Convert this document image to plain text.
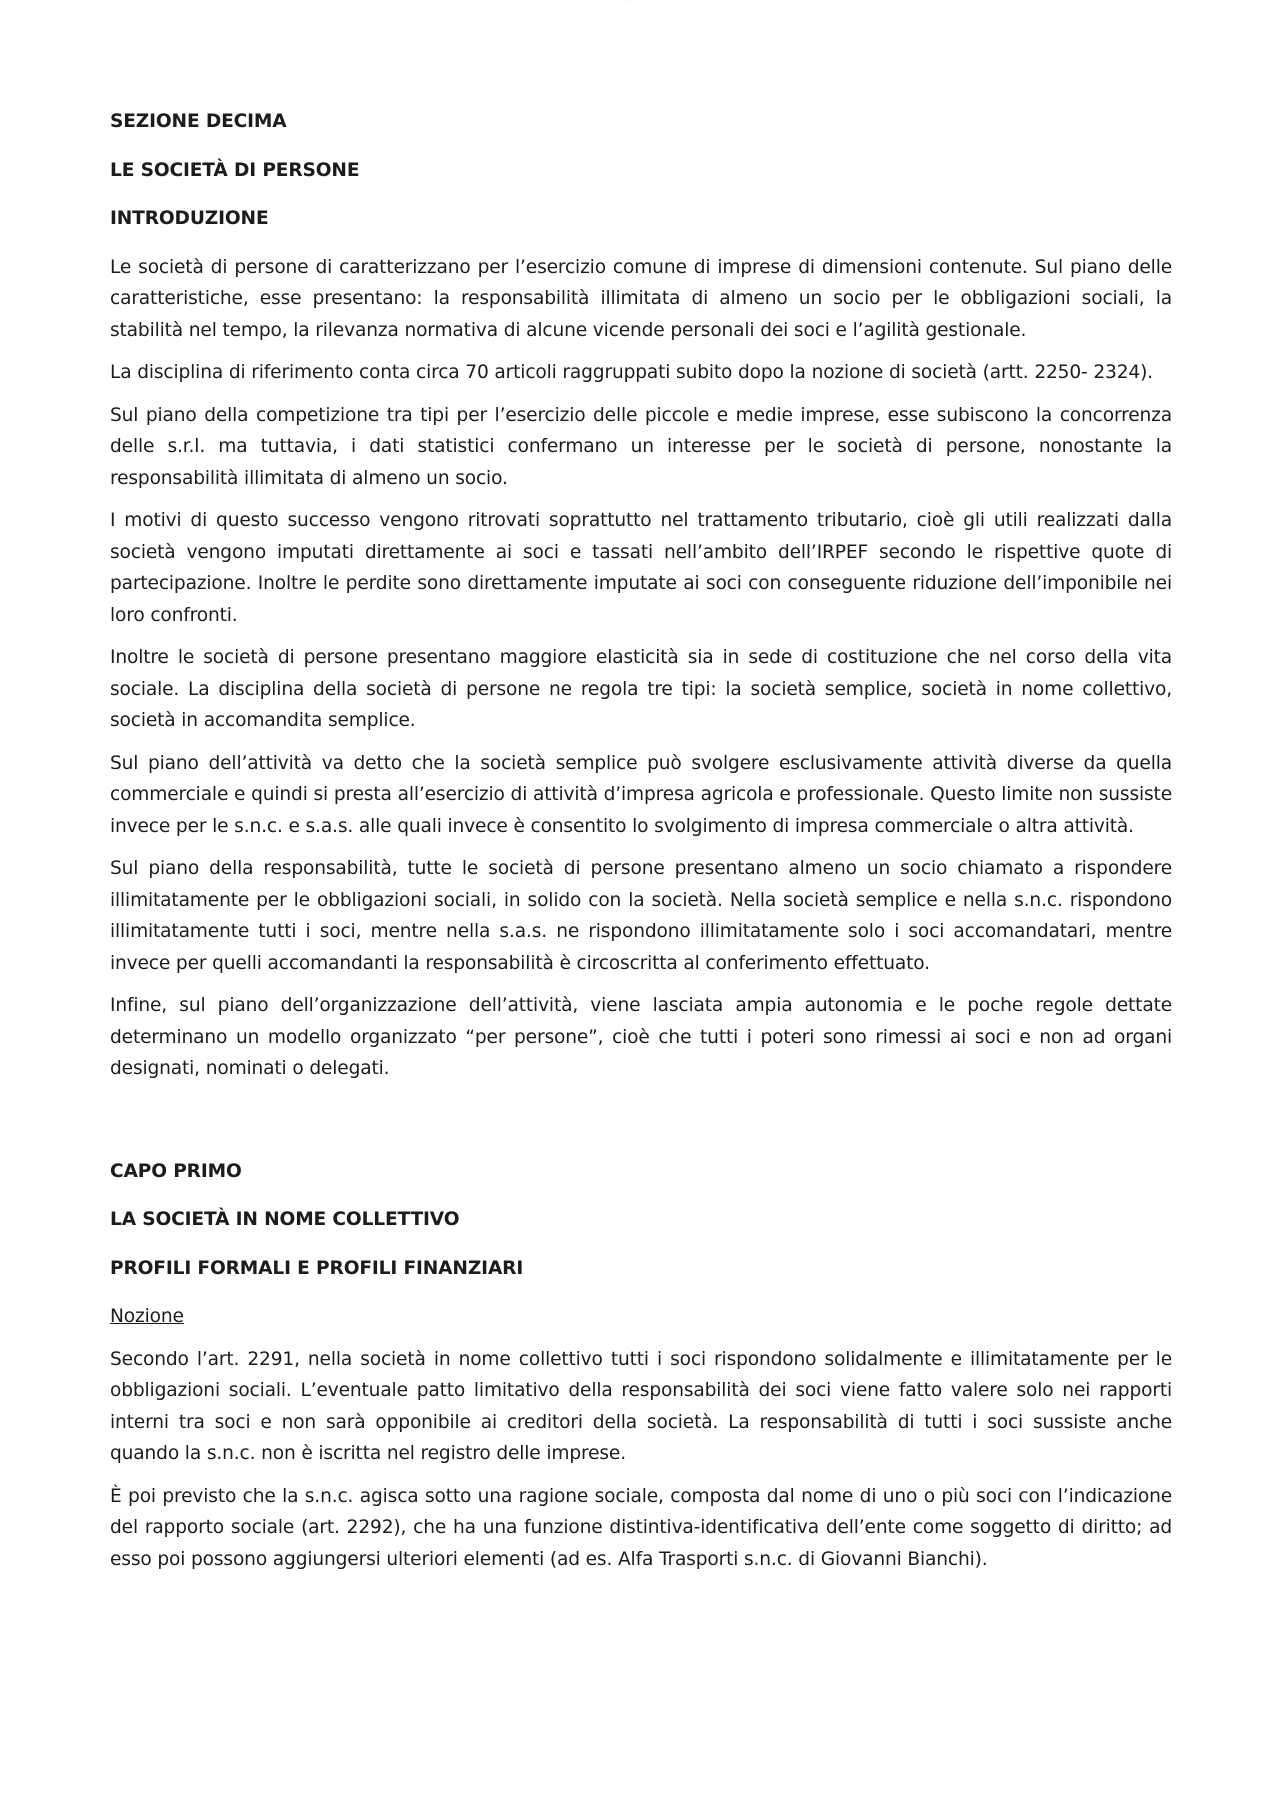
——
SEZIONE DECIMA
LE SOCIETÀ DI PERSONE
INTRODUZIONE

Le società di persone di caratterizzano per l’esercizio comune di imprese di dimensioni contenute. Sul piano delle caratteristiche, esse presentano: la responsabilità illimitata di almeno un socio per le obbligazioni sociali, la stabilità nel tempo, la rilevanza normativa di alcune vicende personali dei soci e l’agilità gestionale.

La disciplina di riferimento conta circa 70 articoli raggruppati subito dopo la nozione di società (artt. 2250- 2324).

Sul piano della competizione tra tipi per l’esercizio delle piccole e medie imprese, esse subiscono la concorrenza delle s.r.l. ma tuttavia, i dati statistici confermano un interesse per le società di persone, nonostante la responsabilità illimitata di almeno un socio.

I motivi di questo successo vengono ritrovati soprattutto nel trattamento tributario, cioè gli utili realizzati dalla società vengono imputati direttamente ai soci e tassati nell’ambito dell’IRPEF secondo le rispettive quote di partecipazione. Inoltre le perdite sono direttamente imputate ai soci con conseguente riduzione dell’imponibile nei loro confronti.

Inoltre le società di persone presentano maggiore elasticità sia in sede di costituzione che nel corso della vita sociale. La disciplina della società di persone ne regola tre tipi: la società semplice, società in nome collettivo, società in accomandita semplice.

Sul piano dell’attività va detto che la società semplice può svolgere esclusivamente attività diverse da quella commerciale e quindi si presta all’esercizio di attività d’impresa agricola e professionale. Questo limite non sussiste invece per le s.n.c. e s.a.s. alle quali invece è consentito lo svolgimento di impresa commerciale o altra attività.

Sul piano della responsabilità, tutte le società di persone presentano almeno un socio chiamato a rispondere illimitatamente per le obbligazioni sociali, in solido con la società. Nella società semplice e nella s.n.c. rispondono illimitatamente tutti i soci, mentre nella s.a.s. ne rispondono illimitatamente solo i soci accomandatari, mentre invece per quelli accomandanti la responsabilità è circoscritta al conferimento effettuato.

Infine, sul piano dell’organizzazione dell’attività, viene lasciata ampia autonomia e le poche regole dettate determinano un modello organizzato “per persone”, cioè che tutti i poteri sono rimessi ai soci e non ad organi designati, nominati o delegati.

CAPO PRIMO
LA SOCIETÀ IN NOME COLLETTIVO
PROFILI FORMALI E PROFILI FINANZIARI
Nozione

Secondo l’art. 2291, nella società in nome collettivo tutti i soci rispondono solidalmente e illimitatamente per le obbligazioni sociali. L’eventuale patto limitativo della responsabilità dei soci viene fatto valere solo nei rapporti interni tra soci e non sarà opponibile ai creditori della società. La responsabilità di tutti i soci sussiste anche quando la s.n.c. non è iscritta nel registro delle imprese.

È poi previsto che la s.n.c. agisca sotto una ragione sociale, composta dal nome di uno o più soci con l’indicazione del rapporto sociale (art. 2292), che ha una funzione distintiva-identificativa dell’ente come soggetto di diritto; ad esso poi possono aggiungersi ulteriori elementi (ad es. Alfa Trasporti s.n.c. di Giovanni Bianchi).
